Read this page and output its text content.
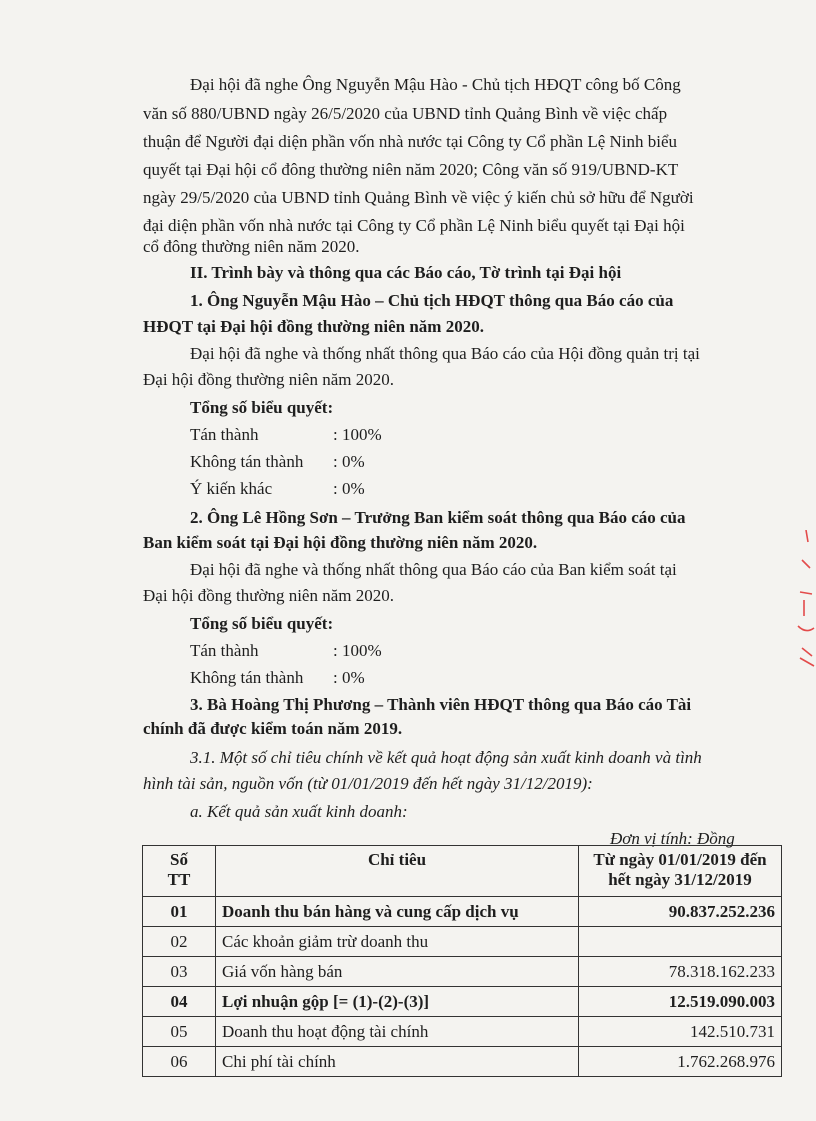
Đại hội đã nghe Ông Nguyễn Mậu Hào - Chủ tịch HĐQT công bố Công
văn số 880/UBND ngày 26/5/2020 của UBND tỉnh Quảng Bình về việc chấp
thuận để Người đại diện phần vốn nhà nước tại Công ty Cổ phần Lệ Ninh biểu
quyết tại Đại hội cổ đông thường niên năm 2020; Công văn số 919/UBND-KT
ngày 29/5/2020 của UBND tỉnh Quảng Bình về việc ý kiến chủ sở hữu để Người
đại diện phần vốn nhà nước tại Công ty Cổ phần Lệ Ninh biểu quyết tại Đại hội
cổ đông thường niên năm 2020.
II. Trình bày và thông qua các Báo cáo, Tờ trình tại Đại hội
1. Ông Nguyễn Mậu Hào – Chủ tịch HĐQT thông qua Báo cáo của
HĐQT tại Đại hội đồng thường niên năm 2020.
Đại hội đã nghe và thống nhất thông qua Báo cáo của Hội đồng quản trị tại
Đại hội đồng thường niên năm 2020.
Tổng số biểu quyết:
Tán thành	: 100%
Không tán thành : 0%
Ý kiến khác	: 0%
2. Ông Lê Hồng Sơn – Trưởng Ban kiểm soát thông qua Báo cáo của
Ban kiểm soát tại Đại hội đồng thường niên năm 2020.
Đại hội đã nghe và thống nhất thông qua Báo cáo của Ban kiểm soát tại
Đại hội đồng thường niên năm 2020.
Tổng số biểu quyết:
Tán thành	: 100%
Không tán thành : 0%
3. Bà Hoàng Thị Phương – Thành viên HĐQT thông qua Báo cáo Tài
chính đã được kiểm toán năm 2019.
3.1. Một số chỉ tiêu chính về kết quả hoạt động sản xuất kinh doanh và tình
hình tài sản, nguồn vốn (từ 01/01/2019 đến hết ngày 31/12/2019):
a. Kết quả sản xuất kinh doanh:
Đơn vị tính: Đồng
Số
TT	Chỉ tiêu	Từ ngày 01/01/2019 đến
hết ngày 31/12/2019
01	Doanh thu bán hàng và cung cấp dịch vụ	90.837.252.236
02	Các khoản giảm trừ doanh thu	
03	Giá vốn hàng bán	78.318.162.233
04	Lợi nhuận gộp [= (1)-(2)-(3)]	12.519.090.003
05	Doanh thu hoạt động tài chính	142.510.731
06	Chi phí tài chính	1.762.268.976
